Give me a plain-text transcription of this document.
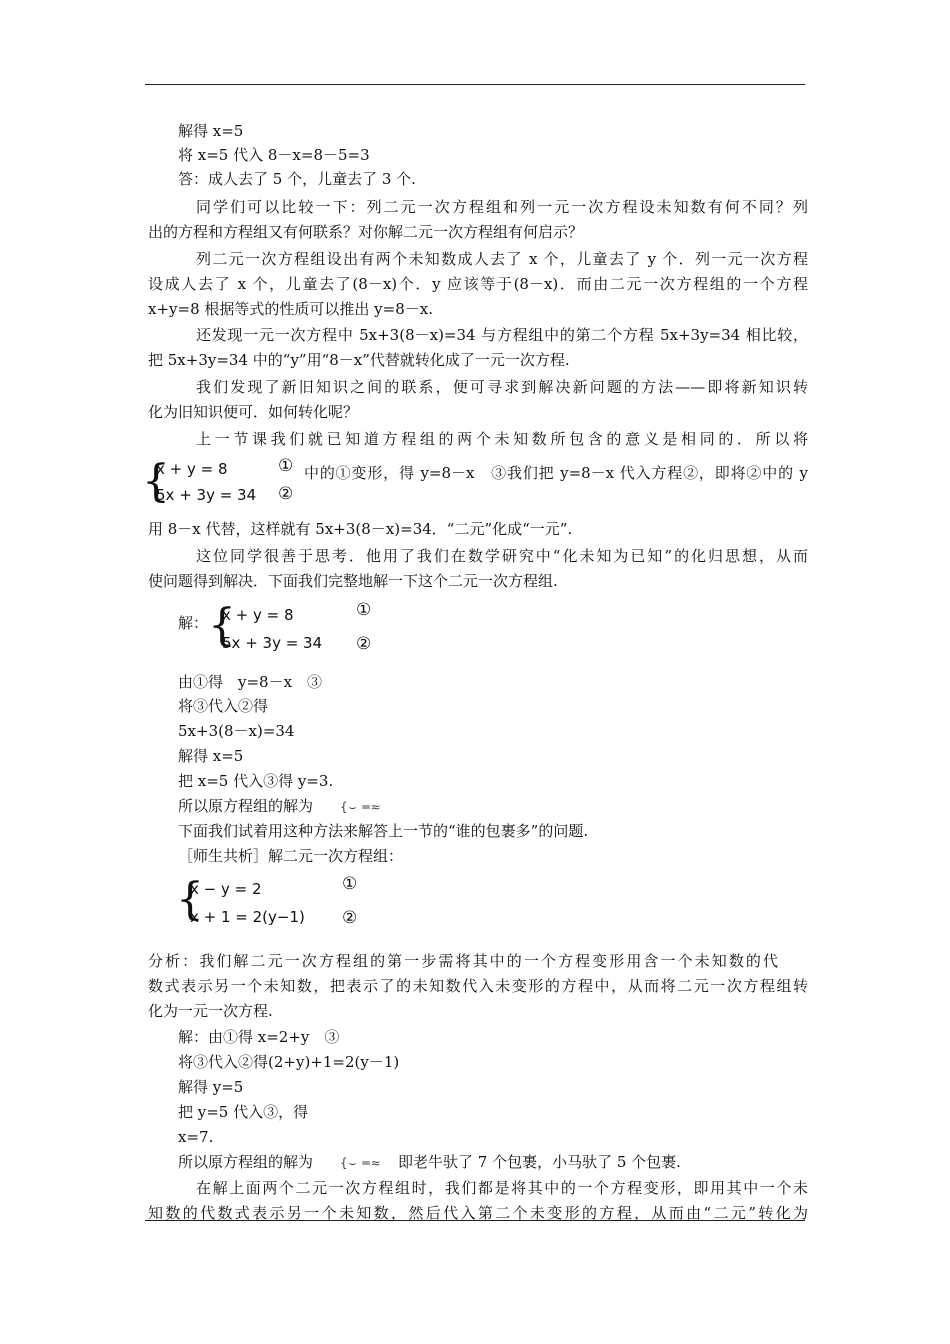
解得 x=5
将 x=5 代入 8－x=8－5=3
答：成人去了 5 个，儿童去了 3 个.
同学们可以比较一下：列二元一次方程组和列一元一次方程设未知数有何不同？列
出的方程和方程组又有何联系？对你解二元一次方程组有何启示？
列二元一次方程组设出有两个未知数成人去了 x 个，儿童去了 y 个．列一元一次方程
设成人去了 x 个，儿童去了(8－x)个．y 应该等于(8－x)．而由二元一次方程组的一个方程
x+y=8 根据等式的性质可以推出 y=8－x.
还发现一元一次方程中 5x+3(8－x)=34 与方程组中的第二个方程 5x+3y=34 相比较，
把 5x+3y=34 中的“y”用“8－x”代替就转化成了一元一次方程.
我们发现了新旧知识之间的联系，便可寻求到解决新问题的方法——即将新知识转
化为旧知识便可．如何转化呢？
上一节课我们就已知道方程组的两个未知数所包含的意义是相同的．所以将
{
x + y = 8
5x + 3y = 34
①
②
中的①变形，得 y=8－x　③我们把 y=8－x 代入方程②，即将②中的 y
用 8－x 代替，这样就有 5x+3(8－x)=34．“二元”化成“一元”.
这位同学很善于思考．他用了我们在数学研究中“化未知为已知”的化归思想，从而
使问题得到解决．下面我们完整地解一下这个二元一次方程组.
解： {
x + y = 8
5x + 3y = 34
①
②
由①得　y=8－x　③
将③代入②得
5x+3(8－x)=34
解得 x=5
把 x=5 代入③得 y=3.
所以原方程组的解为 {⌣ ═≈
下面我们试着用这种方法来解答上一节的“谁的包裹多”的问题.
［师生共析］解二元一次方程组：
{
x − y = 2
x + 1 = 2(y−1)
①
②
分析：我们解二元一次方程组的第一步需将其中的一个方程变形用含一个未知数的代
数式表示另一个未知数，把表示了的未知数代入未变形的方程中，从而将二元一次方程组转
化为一元一次方程.
解：由①得 x=2+y　③
将③代入②得(2+y)+1=2(y－1)
解得 y=5
把 y=5 代入③，得
x=7.
所以原方程组的解为 {⌣ ═≈ 即老牛驮了 7 个包裹，小马驮了 5 个包裹.
在解上面两个二元一次方程组时，我们都是将其中的一个方程变形，即用其中一个未
知数的代数式表示另一个未知数，然后代入第二个未变形的方程，从而由“二元”转化为
